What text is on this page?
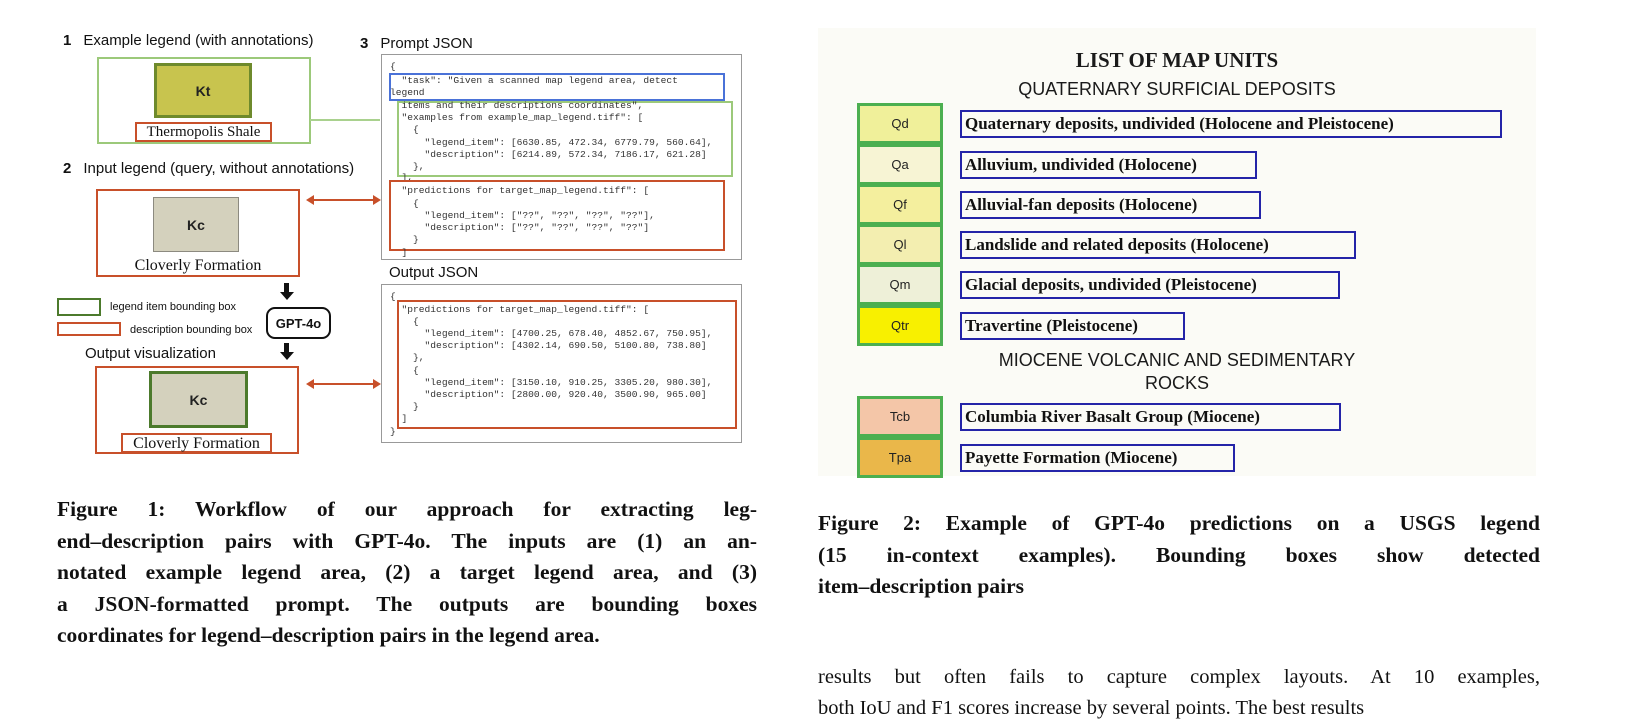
1 Example legend (with annotations)
Kt
Thermopolis Shale
2 Input legend (query, without annotations)
Kc
Cloverly Formation
legend item bounding box
description bounding box GPT-4o
Output visualization
Kc
Cloverly Formation
3 Prompt JSON
{
"task": "Given a scanned map legend area, detect
legend
items and their descriptions coordinates",
"examples from example_map_legend.tiff": [
{
"legend_item": [6630.85, 472.34, 6779.79, 560.64],
"description": [6214.89, 572.34, 7186.17, 621.28]
},
],
"predictions for target_map_legend.tiff": [
{
"legend_item": ["??", "??", "??", "??"],
"description": ["??", "??", "??", "??"]
}
]
Output JSON
{
"predictions for target_map_legend.tiff": [
{
"legend_item": [4700.25, 678.40, 4852.67, 750.95],
"description": [4302.14, 690.50, 5100.80, 738.80]
},
{
"legend_item": [3150.10, 910.25, 3305.20, 980.30],
"description": [2800.00, 920.40, 3500.90, 965.00]
}
]
}
Figure 1: Workflow of our approach for extracting leg-
end–description pairs with GPT-4o. The inputs are (1) an an-
notated example legend area, (2) a target legend area, and (3)
a JSON-formatted prompt. The outputs are bounding boxes
coordinates for legend–description pairs in the legend area.
LIST OF MAP UNITS
QUATERNARY SURFICIAL DEPOSITS
Qd	Quaternary deposits, undivided (Holocene and Pleistocene)
Qa	Alluvium, undivided (Holocene)
Qf	Alluvial-fan deposits (Holocene)
Ql	Landslide and related deposits (Holocene)
Qm	Glacial deposits, undivided (Pleistocene)
Qtr	Travertine (Pleistocene)
Tcb	Columbia River Basalt Group (Miocene)
Tpa	Payette Formation (Miocene)
MIOCENE VOLCANIC AND SEDIMENTARY
ROCKS
Figure 2: Example of GPT-4o predictions on a USGS legend
(15 in-context examples). Bounding boxes show detected
item–description pairs
results but often fails to capture complex layouts. At 10 examples,
both IoU and F1 scores increase by several points. The best results
